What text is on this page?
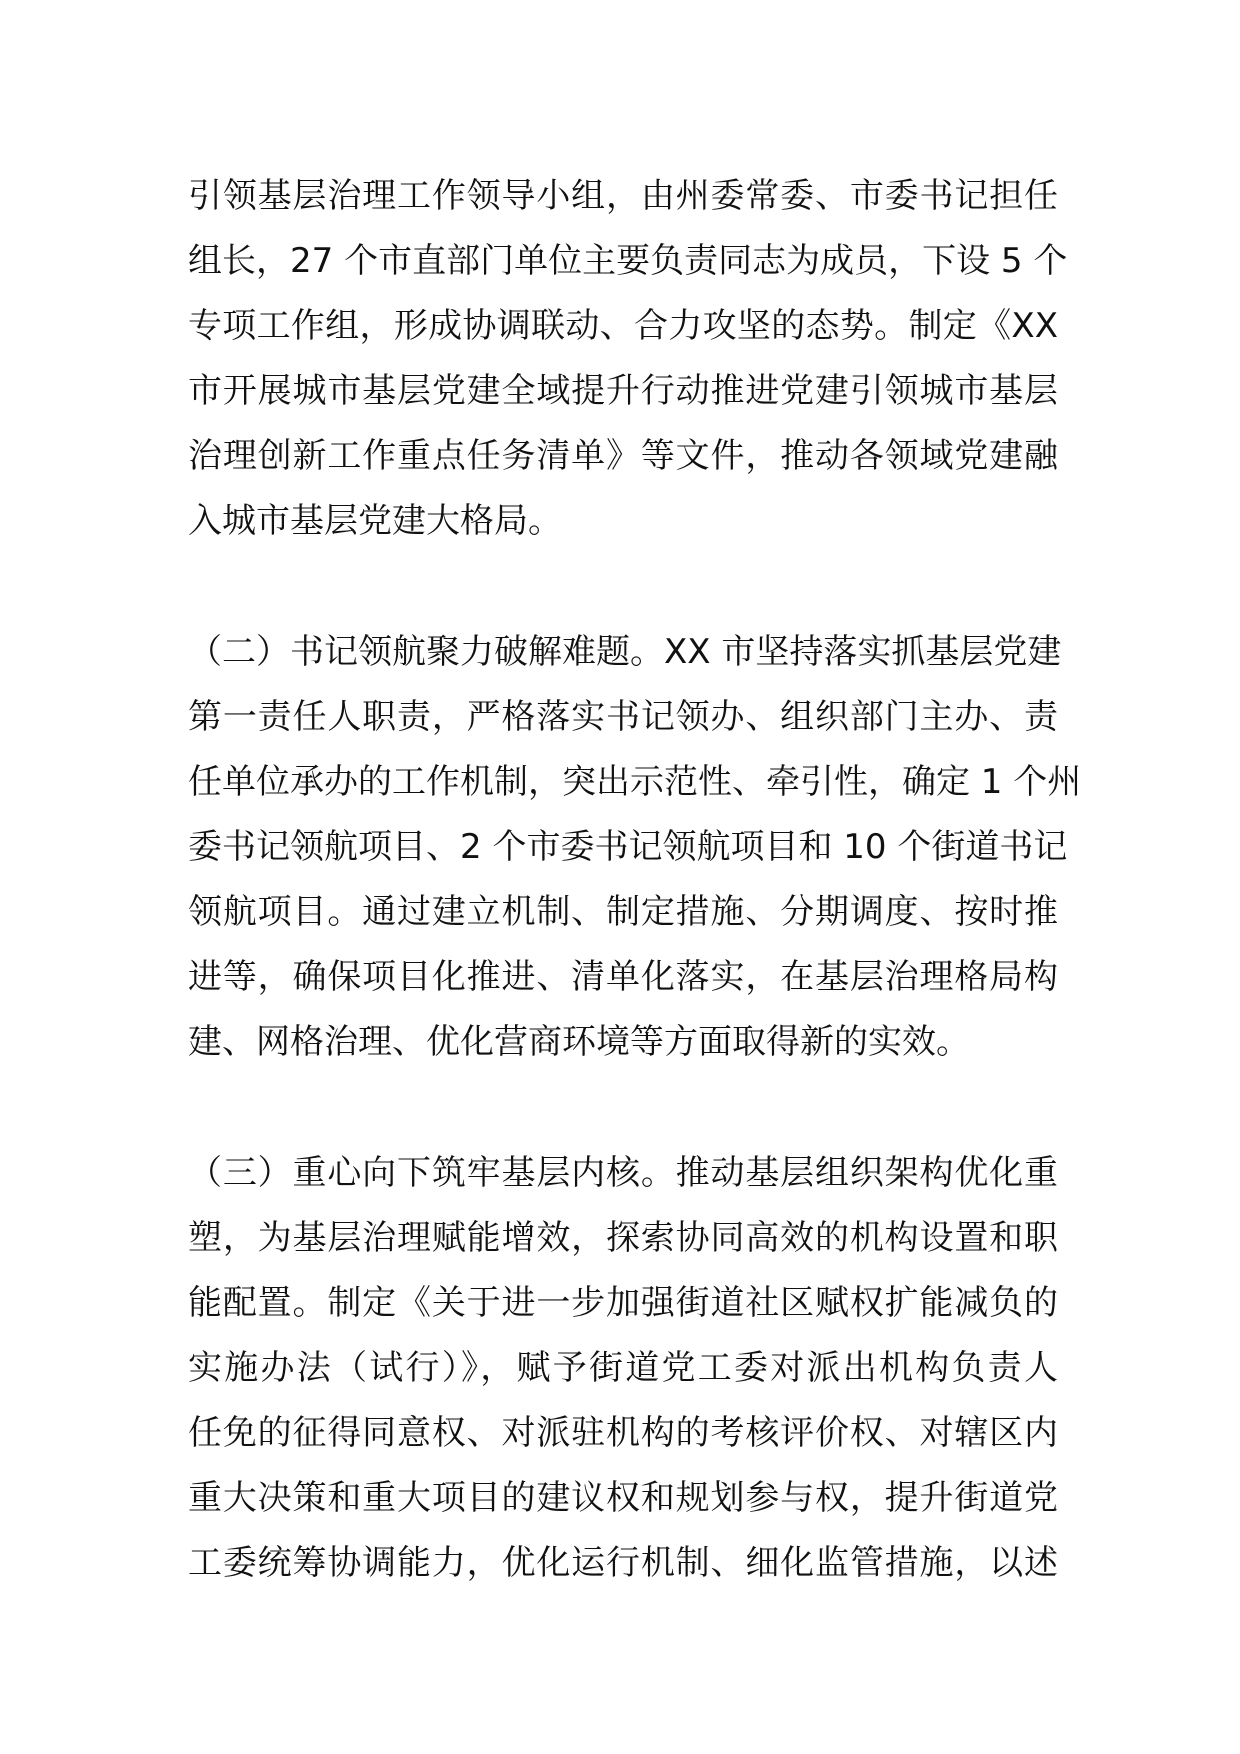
引领基层治理工作领导小组，由州委常委、市委书记担任
组长，27 个市直部门单位主要负责同志为成员，下设 5 个
专项工作组，形成协调联动、合力攻坚的态势。制定《XX
市开展城市基层党建全域提升行动推进党建引领城市基层
治理创新工作重点任务清单》等文件，推动各领域党建融
入城市基层党建大格局。
（二）书记领航聚力破解难题。XX 市坚持落实抓基层党建
第一责任人职责，严格落实书记领办、组织部门主办、责
任单位承办的工作机制，突出示范性、牵引性，确定 1 个州
委书记领航项目、2 个市委书记领航项目和 10 个街道书记
领航项目。通过建立机制、制定措施、分期调度、按时推
进等，确保项目化推进、清单化落实，在基层治理格局构
建、网格治理、优化营商环境等方面取得新的实效。
（三）重心向下筑牢基层内核。推动基层组织架构优化重
塑，为基层治理赋能增效，探索协同高效的机构设置和职
能配置。制定《关于进一步加强街道社区赋权扩能减负的
实施办法（试行）》，赋予街道党工委对派出机构负责人
任免的征得同意权、对派驻机构的考核评价权、对辖区内
重大决策和重大项目的建议权和规划参与权，提升街道党
工委统筹协调能力，优化运行机制、细化监管措施，以述
